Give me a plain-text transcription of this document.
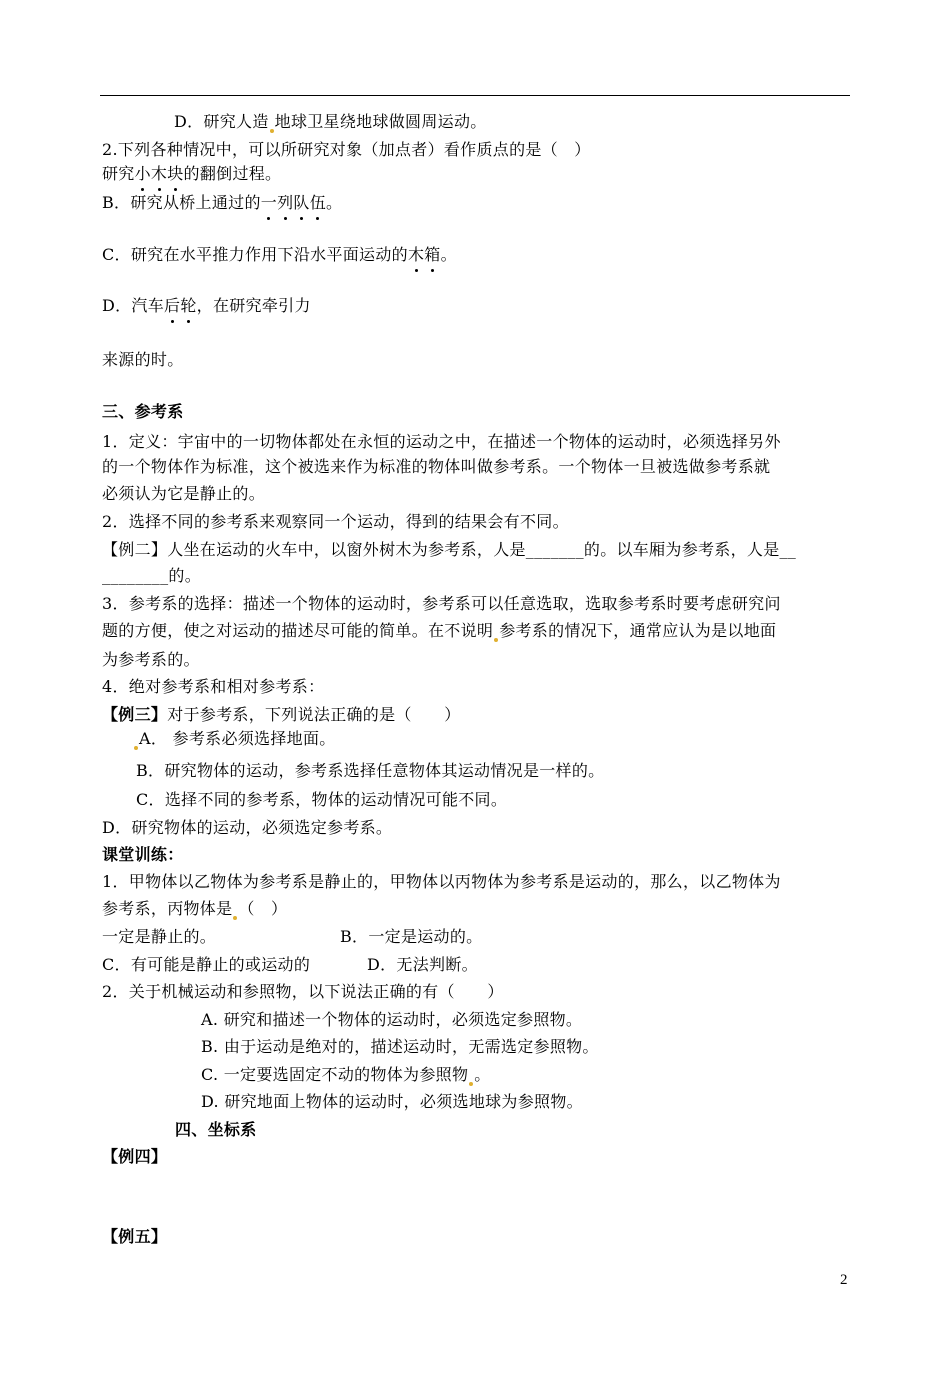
D．研究人造 地球卫星绕地球做圆周运动。
2.下列各种情况中，可以所研究对象（加点者）看作质点的是（　）
研究小木块的翻倒过程。
B．研究从桥上通过的一列队伍。
C．研究在水平推力作用下沿水平面运动的木箱。
D．汽车后轮，在研究牵引力
来源的时。
三、参考系
1．定义：宇宙中的一切物体都处在永恒的运动之中，在描述一个物体的运动时，必须选择另外
的一个物体作为标准，这个被选来作为标准的物体叫做参考系。一个物体一旦被选做参考系就
必须认为它是静止的。
2．选择不同的参考系来观察同一个运动，得到的结果会有不同。
【例二】人坐在运动的火车中，以窗外树木为参考系，人是_______的。以车厢为参考系，人是__
________的。
3．参考系的选择：描述一个物体的运动时，参考系可以任意选取，选取参考系时要考虑研究问
题的方便，使之对运动的描述尽可能的简单。在不说明 参考系的情况下，通常应认为是以地面
为参考系的。
4．绝对参考系和相对参考系：
【例三】对于参考系，下列说法正确的是（　　）
A． 参考系必须选择地面。
B．研究物体的运动，参考系选择任意物体其运动情况是一样的。
C．选择不同的参考系，物体的运动情况可能不同。
D．研究物体的运动，必须选定参考系。
课堂训练：
1．甲物体以乙物体为参考系是静止的，甲物体以丙物体为参考系是运动的，那么，以乙物体为
参考系，丙物体是 （　）
一定是静止的。	B．一定是运动的。
C．有可能是静止的或运动的	D．无法判断。
2．关于机械运动和参照物，以下说法正确的有（　　）
A. 研究和描述一个物体的运动时，必须选定参照物。
B. 由于运动是绝对的，描述运动时，无需选定参照物。
C. 一定要选固定不动的物体为参照物 。
D. 研究地面上物体的运动时，必须选地球为参照物。
四、坐标系
【例四】
【例五】
2
